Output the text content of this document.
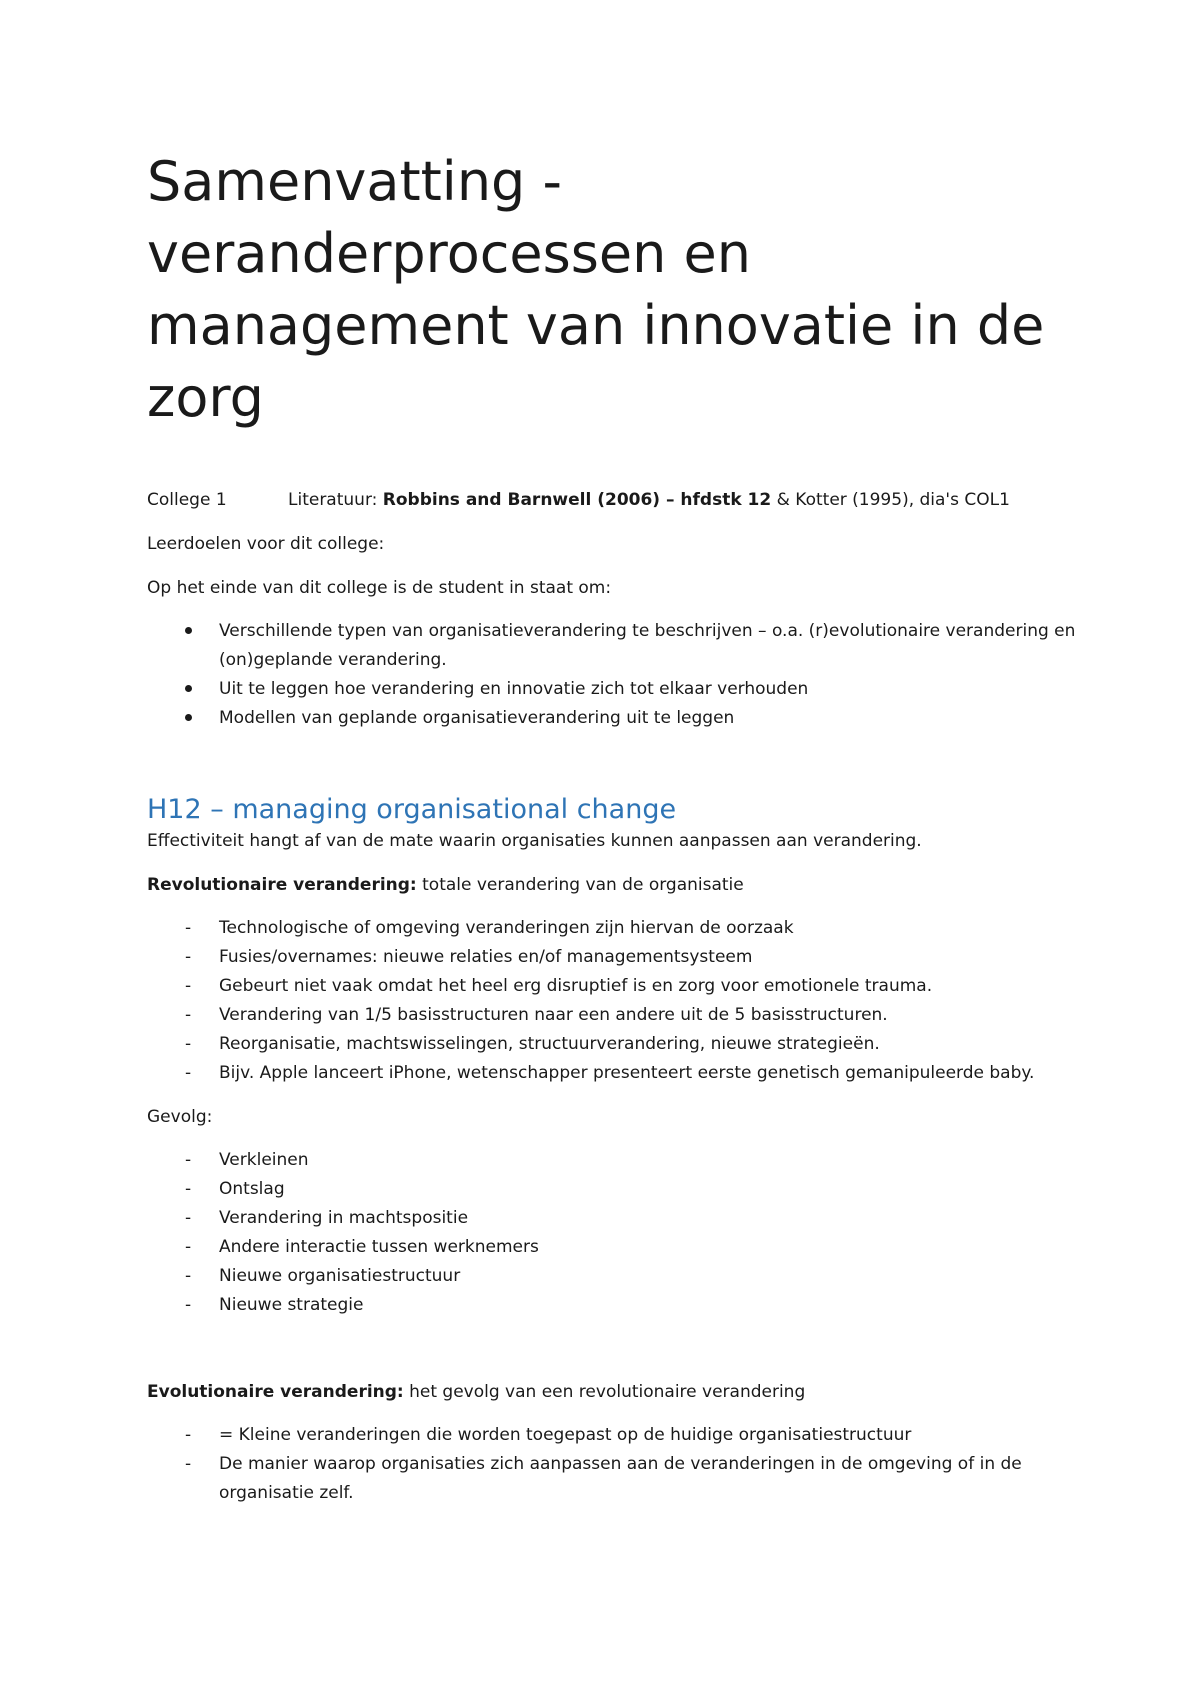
Samenvatting - veranderprocessen en management van innovatie in de zorg

College 1	Literatuur: Robbins and Barnwell (2006) – hfdstk 12 & Kotter (1995), dia's COL1

Leerdoelen voor dit college:

Op het einde van dit college is de student in staat om:

Verschillende typen van organisatieverandering te beschrijven – o.a. (r)evolutionaire verandering en (on)geplande verandering.
Uit te leggen hoe verandering en innovatie zich tot elkaar verhouden
Modellen van geplande organisatieverandering uit te leggen
H12 – managing organisational change

Effectiviteit hangt af van de mate waarin organisaties kunnen aanpassen aan verandering.

Revolutionaire verandering: totale verandering van de organisatie

Technologische of omgeving veranderingen zijn hiervan de oorzaak
Fusies/overnames: nieuwe relaties en/of managementsysteem
Gebeurt niet vaak omdat het heel erg disruptief is en zorg voor emotionele trauma.
Verandering van 1/5 basisstructuren naar een andere uit de 5 basisstructuren.
Reorganisatie, machtswisselingen, structuurverandering, nieuwe strategieën.
Bijv. Apple lanceert iPhone, wetenschapper presenteert eerste genetisch gemanipuleerde baby.

Gevolg:

Verkleinen
Ontslag
Verandering in machtspositie
Andere interactie tussen werknemers
Nieuwe organisatiestructuur
Nieuwe strategie

Evolutionaire verandering: het gevolg van een revolutionaire verandering

= Kleine veranderingen die worden toegepast op de huidige organisatiestructuur
De manier waarop organisaties zich aanpassen aan de veranderingen in de omgeving of in de organisatie zelf.
